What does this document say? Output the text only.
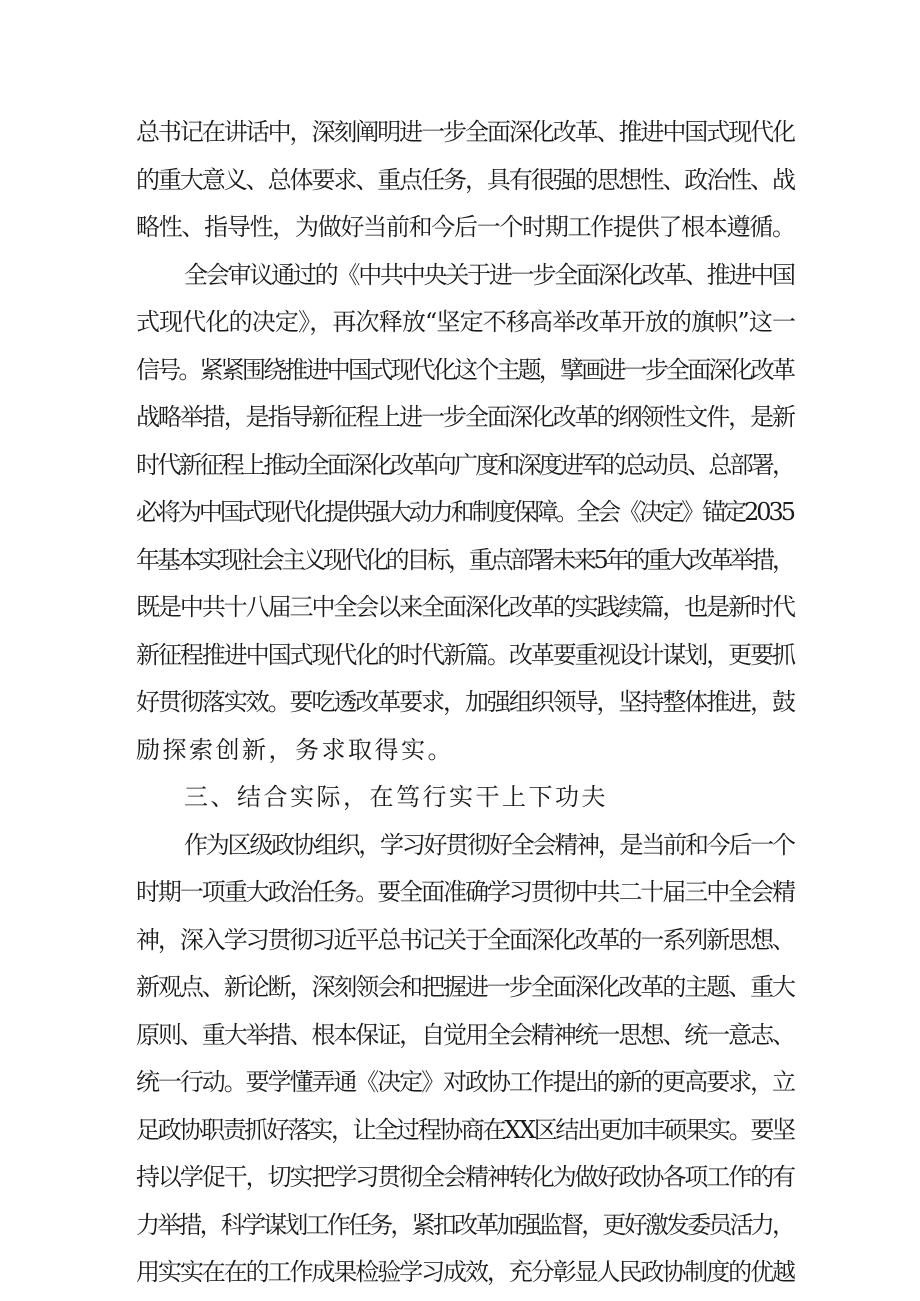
总书记在讲话中，深刻阐明进一步全面深化改革、推进中国式现代化
的重大意义、总体要求、重点任务，具有很强的思想性、政治性、战
略性、指导性，为做好当前和今后一个时期工作提供了根本遵循。
全会审议通过的《中共中央关于进一步全面深化改革、推进中国
式现代化的决定》，再次释放“坚定不移高举改革开放的旗帜”这一
信号。紧紧围绕推进中国式现代化这个主题，擘画进一步全面深化改革
战略举措，是指导新征程上进一步全面深化改革的纲领性文件，是新
时代新征程上推动全面深化改革向广度和深度进军的总动员、总部署，
必将为中国式现代化提供强大动力和制度保障。全会《决定》锚定2035
年基本实现社会主义现代化的目标，重点部署未来5年的重大改革举措，
既是中共十八届三中全会以来全面深化改革的实践续篇，也是新时代
新征程推进中国式现代化的时代新篇。改革要重视设计谋划，更要抓
好贯彻落实效。要吃透改革要求，加强组织领导，坚持整体推进，鼓
励探索创新，务求取得实。
三、结合实际，在笃行实干上下功夫
作为区级政协组织，学习好贯彻好全会精神，是当前和今后一个
时期一项重大政治任务。要全面准确学习贯彻中共二十届三中全会精
神，深入学习贯彻习近平总书记关于全面深化改革的一系列新思想、
新观点、新论断，深刻领会和把握进一步全面深化改革的主题、重大
原则、重大举措、根本保证，自觉用全会精神统一思想、统一意志、
统一行动。要学懂弄通《决定》对政协工作提出的新的更高要求，立
足政协职责抓好落实，让全过程协商在XX区结出更加丰硕果实。要坚
持以学促干，切实把学习贯彻全会精神转化为做好政协各项工作的有
力举措，科学谋划工作任务，紧扣改革加强监督，更好激发委员活力，
用实实在在的工作成果检验学习成效，充分彰显人民政协制度的优越
